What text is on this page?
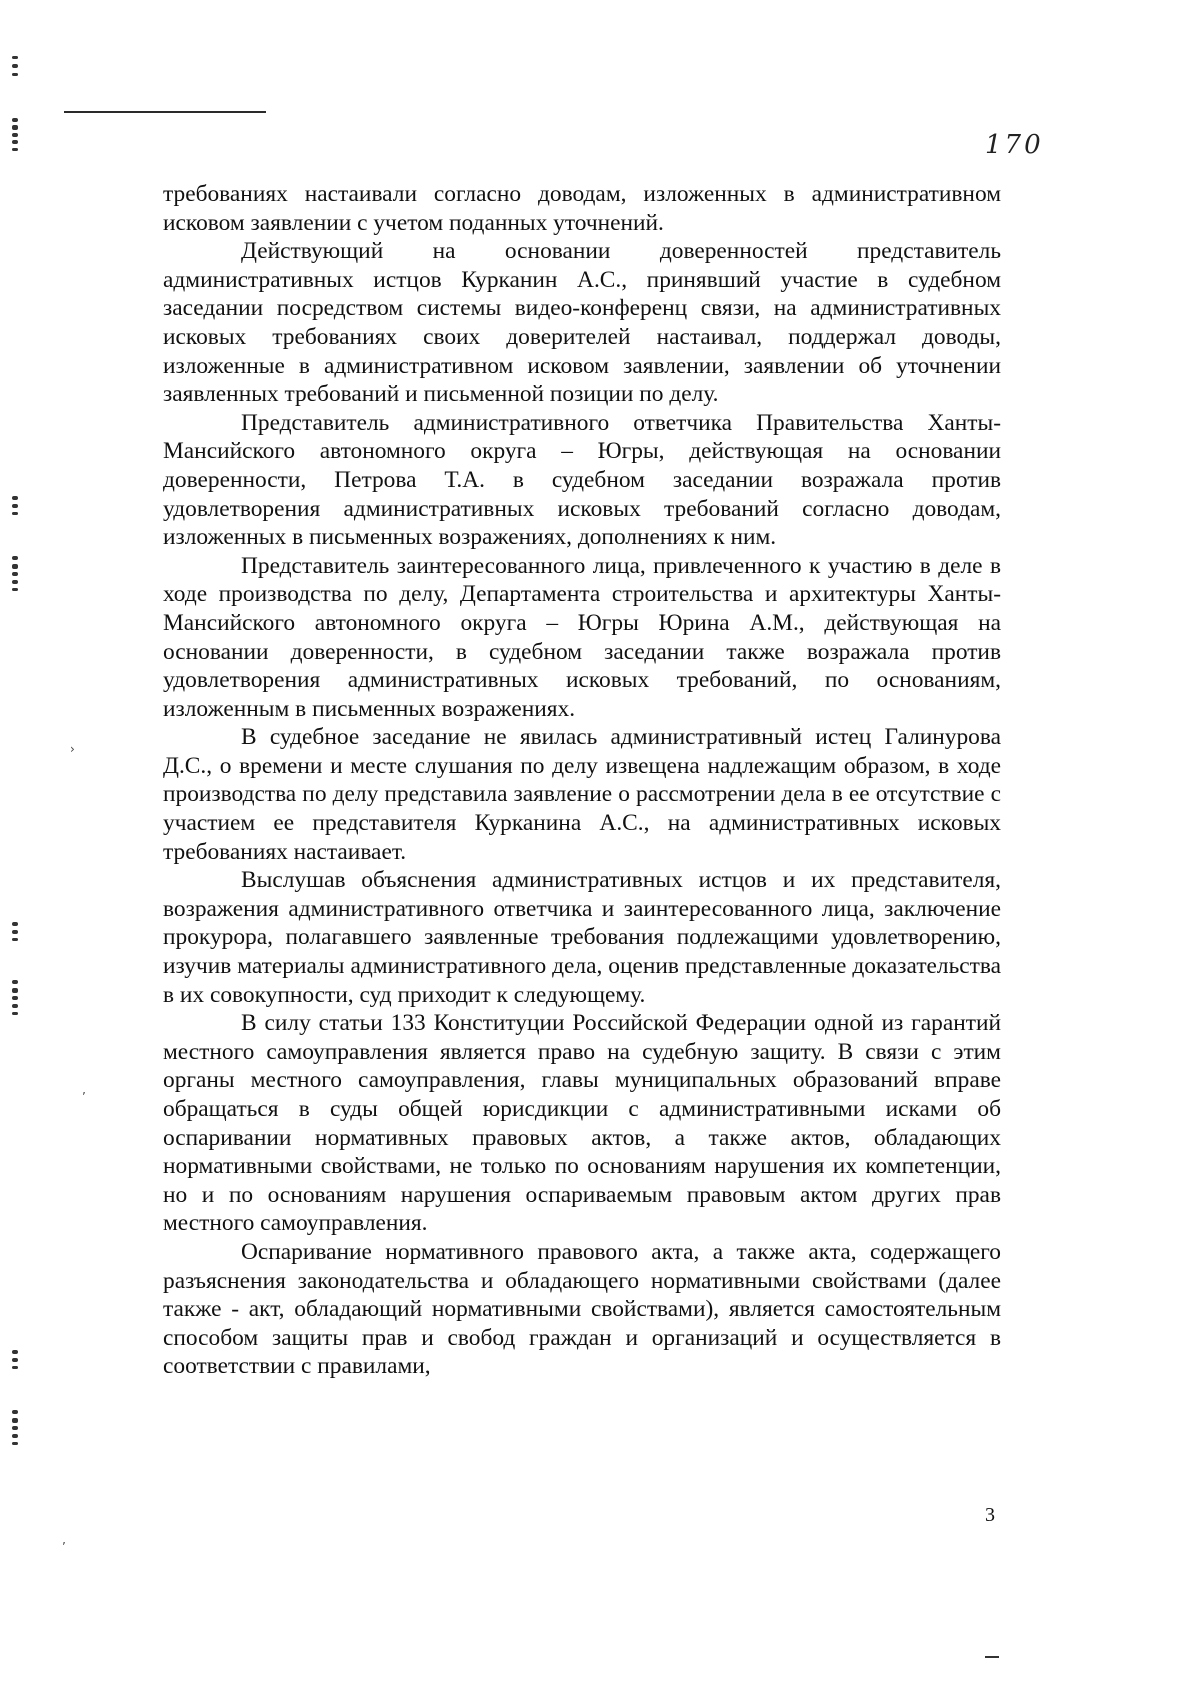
›
’
’
170

требованиях настаивали согласно доводам, изложенных в административном исковом заявлении с учетом поданных уточнений.

Действующий на основании доверенностей представитель административных истцов Курканин А.С., принявший участие в судебном заседании посредством системы видео-конференц связи, на административных исковых требованиях своих доверителей настаивал, поддержал доводы, изложенные в административном исковом заявлении, заявлении об уточнении заявленных требований и письменной позиции по делу.

Представитель административного ответчика Правительства Ханты-Мансийского автономного округа – Югры, действующая на основании доверенности, Петрова Т.А. в судебном заседании возражала против удовлетворения административных исковых требований согласно доводам, изложенных в письменных возражениях, дополнениях к ним.

Представитель заинтересованного лица, привлеченного к участию в деле в ходе производства по делу, Департамента строительства и архитектуры Ханты-Мансийского автономного округа – Югры Юрина А.М., действующая на основании доверенности, в судебном заседании также возражала против удовлетворения административных исковых требований, по основаниям, изложенным в письменных возражениях.

В судебное заседание не явилась административный истец Галинурова Д.С., о времени и месте слушания по делу извещена надлежащим образом, в ходе производства по делу представила заявление о рассмотрении дела в ее отсутствие с участием ее представителя Курканина А.С., на административных исковых требованиях настаивает.

Выслушав объяснения административных истцов и их представителя, возражения административного ответчика и заинтересованного лица, заключение прокурора, полагавшего заявленные требования подлежащими удовлетворению, изучив материалы административного дела, оценив представленные доказательства в их совокупности, суд приходит к следующему.

В силу статьи 133 Конституции Российской Федерации одной из гарантий местного самоуправления является право на судебную защиту. В связи с этим органы местного самоуправления, главы муниципальных образований вправе обращаться в суды общей юрисдикции с административными исками об оспаривании нормативных правовых актов, а также актов, обладающих нормативными свойствами, не только по основаниям нарушения их компетенции, но и по основаниям нарушения оспариваемым правовым актом других прав местного самоуправления.

Оспаривание нормативного правового акта, а также акта, содержащего разъяснения законодательства и обладающего нормативными свойствами (далее также - акт, обладающий нормативными свойствами), является самостоятельным способом защиты прав и свобод граждан и организаций и осуществляется в соответствии с правилами,

3
